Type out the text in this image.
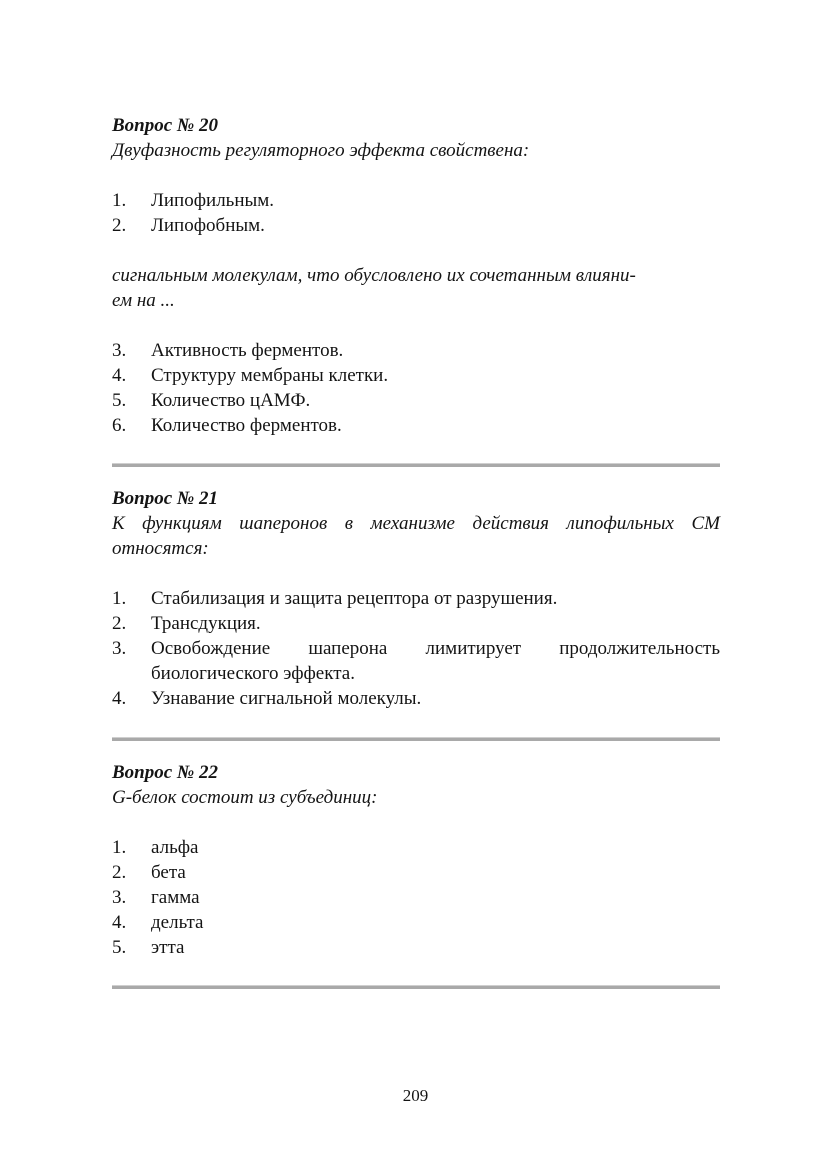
Вопрос № 20

Двуфазность регуляторного эффекта свойствена:

1.	Липофильным.
2.	Липофобным.

сигнальным молекулам, что обусловлено их сочетанным влияни-
ем на ...

3.	Активность ферментов.
4.	Структуру мембраны клетки.
5.	Количество цАМФ.
6.	Количество ферментов.

Вопрос № 21

К функциям шаперонов в механизме действия липофильных СМ относятся:

1.	Стабилизация и защита рецептора от разрушения.
2.	Трансдукция.
3.	Освобождение шаперона лимитирует продолжительность биологического эффекта.
4.	Узнавание сигнальной молекулы.

Вопрос № 22

G-белок состоит из субъединиц:

1.	альфа
2.	бета
3.	гамма
4.	дельта
5.	этта
209
